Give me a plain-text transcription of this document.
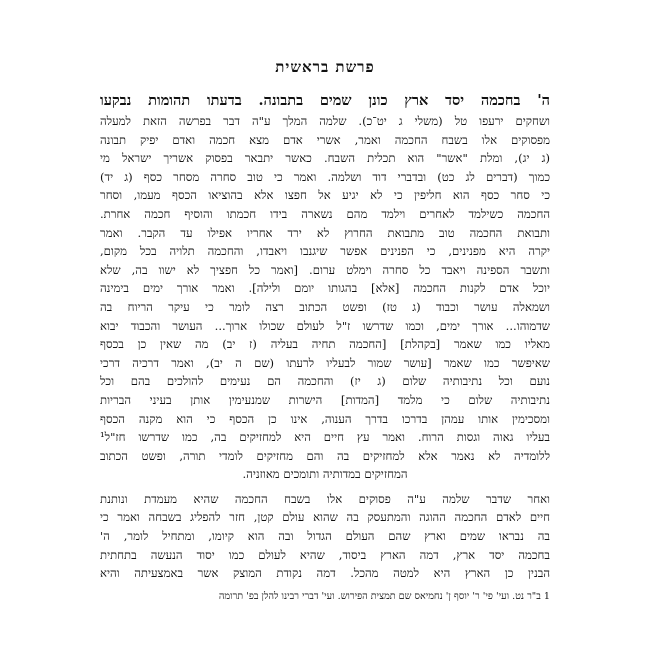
פרשת בראשית
ה' בחכמה יסד ארץ כונן שמים בתבונה. בדעתו תהומות נבקעו
ושחקים ירעפו טל (משלי ג יט־כ). שלמה המלך ע"ה דבר בפרשה הזאת למעלה
מפסוקים אלו בשבח החכמה ואמר, אשרי אדם מצא חכמה ואדם יפיק תבונה
(ג יג), ומלת "אשר" הוא תכלית השבח. כאשר יתבאר בפסוק אשריך ישראל מי
כמוך (דברים לג כט) ובדברי דוד ושלמה. ואמר כי טוב סחרה מסחר כסף (ג יד)
כי סחר כסף הוא חליפין כי לא יגיע אל חפצו אלא בהוציאו הכסף מעמו, וסחר
החכמה כשילמד לאחרים וילמד מהם נשארה בידו חכמתו והוסיף חכמה אחרת.
ותבואת החכמה טוב מתבואת החרוץ לא ירד אחריו אפילו עד הקבר. ואמר
יקרה היא מפנינים, כי הפנינים אפשר שיגנבו ויאבדו, והחכמה תלויה בכל מקום,
ותשבר הספינה ויאבד כל סחרה וימלט ערום. [ואמר כל חפציך לא ישוו בה, שלא
יוכל אדם לקנות החכמה [אלא] בהגותו יומם ולילה]. ואמר אורך ימים בימינה
ושמאלה עושר וכבוד (ג טז) ופשט הכתוב רצה לומר כי עיקר הריוח בה
שדמוהו... אורך ימים, וכמו שדרשו ז"ל לעולם שכולו ארוך... העושר והכבוד יבוא
מאליו כמו שאמר [בקהלת] [החכמה תחיה בעליה (ז יב) מה שאין כן בכסף
שאיפשר כמו שאמר [עושר שמור לבעליו לרעתו (שם ה יב), ואמר דרכיה דרכי
נועם וכל נתיבותיה שלום (ג יז) והחכמה הם נעימים להולכים בהם וכל
נתיבותיה שלום כי מלמד [המדות] הישרות שמנעימין אותן בעיני הבריות
ומסכימין אותו עמהן בדרכו בדרך הענוה, אינו כן הכסף כי הוא מקנה הכסף
בעליו גאוה וגסות הרוח. ואמר עץ חיים היא למחזיקים בה, כמו שדרשו חז"ל¹
ללומדיה לא נאמר אלא למחזיקים בה והם מחזיקים לומדי תורה, ופשט הכתוב
המחזיקים במדותיה ותומכים מאוזניה.
ואחר שדבר שלמה ע"ה פסוקים אלו בשבח החכמה שהיא מעמדת ונותנת
חיים לאדם החכמה ההוגה והמתעסק בה שהוא עולם קטן, חזר להפליג בשבחה ואמר כי
בה נבראו שמים וארץ שהם העולם הגדול ובה הוא קיומו, ומתחיל לומר, ה'
בחכמה יסד ארץ, דמה הארץ ביסוד, שהיא לעולם כמו יסוד הנעשה בתחתית
הבנין כן הארץ היא למטה מהכל. דמה נקודת המוצק אשר באמצעיתה והיא
1 ב"ר נט. ועי' פי' ר' יוסף ן' נחמיאס שם תמצית הפירוש. ועי' דברי רבינו להלן בפ' תרומה
